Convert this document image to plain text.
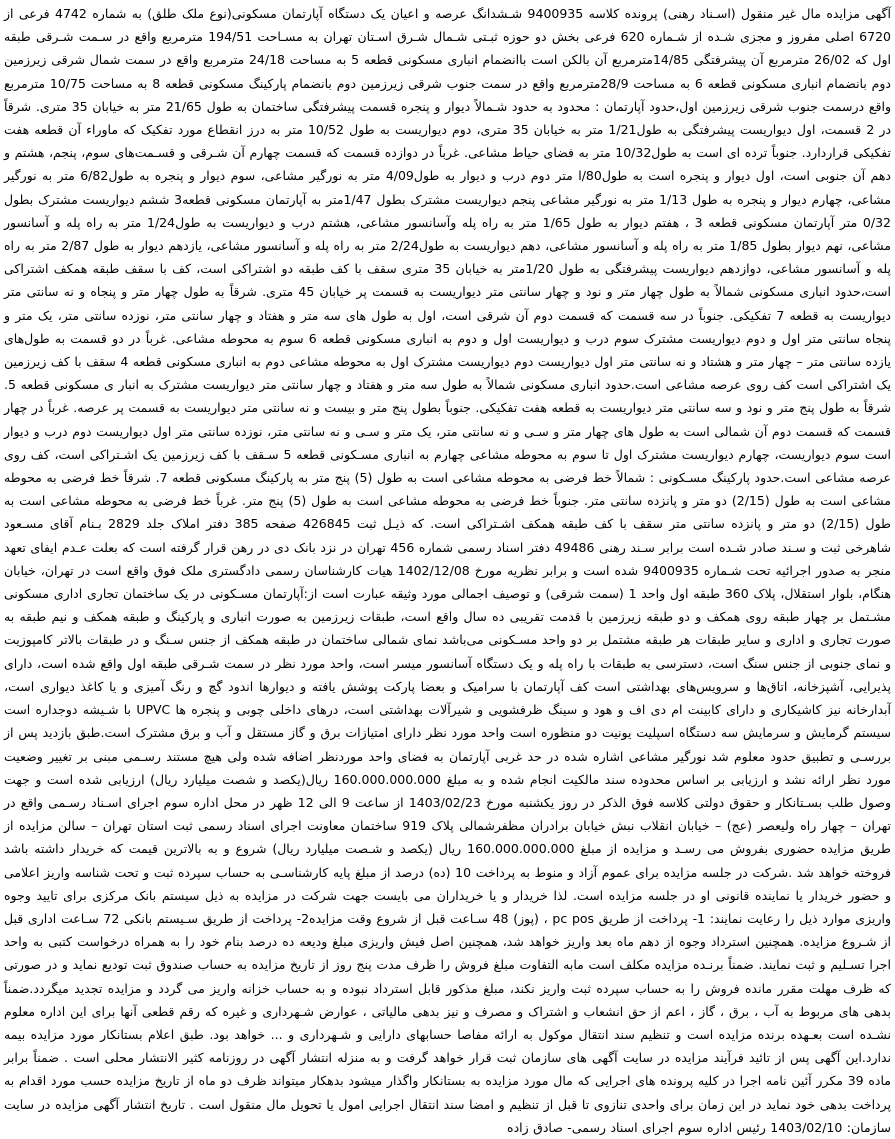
آگهی مزایده مال غیر منقول (اسـناد رهنی) پرونده کلاسه 9400935 شـشدانگ عرصه و اعیان یک دستگاه آپارتمان مسکونی(نوع ملک طلق) به شماره 4742 فرعی از 6720 اصلی مفروز و مجزی شـده از شـماره 620 فرعی بخش دو حوزه ثبـتی شـمال شـرق اسـتان تهران به مسـاحت 194/51 مترمربع واقع در سـمت شـرقی طبقه اول که 26/02 مترمربع آن پیشرفتگی 14/85مترمربع آن بالکن است باانضمام انباری مسکونی قطعه 5 به مساحت 24/18 مترمربع واقع در سمت شمال شرقی زیرزمین دوم بانضمام انباری مسکونی قطعه 6 به مساحت 28/9مترمربع واقع در سمت جنوب شرقی زیرزمین دوم بانضمام پارکینگ مسکونی قطعه 8 به مساحت 10/75 مترمربع واقع درسمت جنوب شرقی زیرزمین اول،حدود آپارتمان : محدود به حدود شـمالاً دیوار و پنجره قسمت پیشرفتگی ساختمان به طول 21/65 متر به خیابان 35 متری. شرقاً در 2 قسمت، اول دیواریست پیشرفتگی به طول1/21 متر به خیابان 35 متری، دوم دیواریست به طول 10/52 متر به درز انقطاع مورد تفکیک که ماوراء آن قطعه هفت تفکیکی قراردارد. جنوباً ترده ای است به طول10/32 متر به فضای حیاط مشاعی. غرباً در دوازده قسمت که قسمت چهارم آن شـرقی و قسـمت‌های سوم، پنجم، هشتم و دهم آن جنوبی است، اول دیوار و پنجره است به طول80/ا متر دوم درب و دیوار به طول4/09 متر به نورگیر مشاعی، سوم دیوار و پنجره به طول6/82 متر به نورگیر مشاعی، چهارم دیوار و پنجره به طول 1/13 متر به نورگیر مشاعی پنجم دیواریست مشترک بطول 1/47متر به آپارتمان مسکونی قطعه3 ششم دیواریست مشترک بطول 0/32 متر آپارتمان مسکونی قطعه 3 ، هفتم دیوار به طول 1/65 متر به راه پله وآسانسور مشاعی، هشتم درب و دیواریست به طول1/24 متر به راه پله و آسانسور مشاعی، نهم دیوار بطول 1/85 متر به راه پله و آسانسور مشاعی، دهم دیواریست به طول2/24 متر به راه پله و آسانسور مشاعی، یازدهم دیوار به طول 2/87 متر به راه پله و آسانسور مشاعی، دوازدهم دیواریست پیشرفتگی به طول 1/20متر به خیابان 35 متری سقف با کف طبقه دو اشتراکی است، کف با سقف طبقه همکف اشتراکی است،حدود انباری مسکونی شمالاً به طول چهار متر و نود و چهار سانتی متر دیواریست به قسمت پر خیابان 45 متری. شرقاً به طول چهار متر و پنجاه و نه سانتی متر دیواریست به قطعه 7 تفکیکی. جنوباً در سه قسمت که قسمت دوم آن شرقی است، اول به طول های سه متر و هفتاد و چهار سانتی متر، نوزده سانتی متر، یک متر و پنجاه سانتی متر اول و دوم دیواریست مشترک سوم درب و دیواریست اول و دوم به انباری مسکونی قطعه 6 سوم به محوطه مشاعی. غرباً در دو قسمت به طول‌های یازده سانتی متر – چهار متر و هشتاد و نه سانتی متر اول دیواریست دوم دیواریست مشترک اول به محوطه مشاعی دوم به انباری مسکونی قطعه 4 سقف با کف زیرزمین یک اشتراکی است کف روی عرصه مشاعی است.حدود انباری مسکونی شمالاً به طول سه متر و هفتاد و چهار سانتی متر دیواریست مشترک به انبار ی مسکونی قطعه 5. شرقاً به طول پنج متر و نود و سه سانتی متر دیواریست به قطعه هفت تفکیکی. جنوباً بطول پنج متر و بیست و نه سانتی متر دیواریست به قسمت پر عرصه. غرباً در چهار قسمت که قسمت دوم آن شمالی است به طول های چهار متر و سـی و نه سانتی متر، یک متر و سـی و نه سانتی متر، نوزده سانتی متر اول دیواریست دوم درب و دیوار است سوم دیواریست، چهارم دیواریست مشترک اول تا سوم به محوطه مشاعی چهارم به انباری مسـکونی قطعه 5 سـقف با کف زیرزمین یک اشـتراکی است، کف روی عرصه مشاعی است.حدود پارکینگ مسـکونی : شمالاً خط فرضی به محوطه مشاعی است به طول (5) پنج متر به پارکینگ مسکونی قطعه 7. شرقاً خط فرضی به محوطه مشاعی است به طول (2/15) دو متر و پانزده سانتی متر. جنوباً خط فرضی به محوطه مشاعی است به طول (5) پنج متر. غرباً خط فرضی به محوطه مشاعی است به طول (2/15) دو متر و پانزده سانتی متر سقف با کف طبقه همکف اشـتراکی است. که ذیـل ثبت 426845 صفحه 385 دفتر املاک جلد 2829 بـنام آقای مسـعود شاهرخی ثبت و سـند صادر شـده است برابر سـند رهنی 49486 دفتر اسناد رسمی شماره 456 تهران در نزد بانک دی در رهن قرار گرفته است که بعلت عـدم ایفای تعهد منجر به صدور اجرائیه تحت شـماره 9400935 شده است و برابر نظریه مورخ 1402/12/08 هیات کارشناسان رسمی دادگستری ملک فوق واقع است در تهران، خیابان هنگام، بلوار استقلال، پلاک 360 طبقه اول واحد 1 (سمت شرقی) و توصیف اجمالی مورد وثیقه عبارت است از:آپارتمان مسـکونی در یک ساختمان تجاری اداری مسکونی مشـتمل بر چهار طبقه روی همکف و دو طبقه زیرزمین با قدمت تقریبی ده سال واقع است، طبقات زیرزمین به صورت انباری و پارکینگ و طبقه همکف و نیم طبقه به صورت تجاری و اداری و سایر طبقات هر طبقه مشتمل بر دو واحد مسـکونی می‌باشد نمای شمالی ساختمان در طبقه همکف از جنس سـنگ و در طبقات بالاتر کامپوزیت و نمای جنوبی از جنس سنگ است، دسترسی به طبقات با راه پله و یک دستگاه آسانسور میسر است، واحد مورد نظر در سمت شـرقی طبقه اول واقع شده است، دارای پذیرایی، آشپزخانه، اتاق‌ها و سرویس‌های بهداشتی است کف آپارتمان با سرامیک و بعضا پارکت پوشش یافته و دیوارها اندود گچ و رنگ آمیزی و یا کاغذ دیواری است، آبدارخانه نیز کاشیکاری و دارای کابینت ام دی اف و هود و سینگ ظرفشویی و شیرآلات بهداشتی است، درهای داخلی چوبی و پنجره ها UPVC با شـیشه دوجداره است سیستم گرمایش و سرمایش سه دستگاه اسپلیت یونیت دو منظوره است واحد مورد نظر دارای امتیازات برق و گاز مستقل و آب و برق مشترک است.طبق بازدید پس از بررسـی و تطبیق حدود معلوم شد نورگیر مشاعی اشاره شده در حد غربی آپارتمان به فضای واحد موردنظر اضافه شده ولی هیچ مستند رسـمی مبنی بر تغییر وضعیت مورد نظر ارائه نشد و ارزیابی بر اساس محدوده سند مالکیت انجام شده و به مبلغ 160.000.000.000 ریال(یکصد و شصت میلیارد ریال) ارزیابی شده است و جهت وصول طلب بسـتانکار و حقوق دولتی کلاسه فوق الذکر در روز یکشنبه مورخ 1403/02/23 از ساعت 9 الی 12 ظهر در محل اداره سوم اجرای اسـناد رسـمی واقع در تهران – چهار راه ولیعصر (عج) – خیابان انقلاب نبش خیابان برادران مظفرشمالی پلاک 919 ساختمان معاونت اجرای اسناد رسمی ثبت استان تهران – سالن مزایده از طریق مزایده حضوری بفروش می رسـد و مزایده از مبلغ 160.000.000.000 ریال (یکصد و شـصت میلیارد ریال) شروع و به بالاترین قیمت که خریدار داشته باشد فروخته خواهد شد .شرکت در جلسه مزایده برای عموم آزاد و منوط به پرداخت 10 (ده) درصد از مبلغ پایه کارشناسـی به حساب سپرده ثبت و تحت شناسه واریز اعلامی و حضور خریدار یا نماینده قانونی او در جلسه مزایده است. لذا خریدار و یا خریداران می بایست جهت شرکت در مزایده به ذیل سیستم بانک مرکزی برای تایید وجوه واریزی موارد ذیل را رعایت نمایند: 1- پرداخت از طریق pc pos ، (پوز) 48 سـاعت قبل از شروع وقت مزایده2- پرداخت از طریق سـیستم بانکی 72 سـاعت اداری قبل از شـروع مزایده. همچنین استرداد وجوه از دهم ماه بعد واریز خواهد شد، همچنین اصل فیش واریزی مبلغ ودیعه ده درصد بنام خود را به همراه درخواست کتبی به واحد اجرا تسـلیم و ثبت نمایند. ضمناً برنـده مزایده مکلف است مابه التفاوت مبلغ فروش را ظرف مدت پنج روز از تاریخ مزایده به حساب صندوق ثبت تودیع نماید و در صورتی که ظرف مهلت مقرر مانده فروش را به حساب سپرده ثبت واریز نکند، مبلغ مذکور قابل استرداد نبوده و به حساب خزانه واریز می گردد و مزایده تجدید میگردد.ضمناً بدهی های مربوط به آب ، برق ، گاز ، اعم از حق انشعاب و اشتراک و مصرف و نیز بدهی مالیاتی ، عوارض شـهرداری و غیره که رقم قطعی آنها برای این اداره معلوم نشـده است بعـهده برنده مزایده است و تنظیم سند انتقال موکول به ارائه مفاصا حسابهای دارایی و شـهرداری و ... خواهد بود. طبق اعلام بستانکار مورد مزایده بیمه ندارد.این آگهی پس از تائید فرآیند مزایده در سایت آگهی های سازمان ثبت قرار خواهد گرفت و به منزله انتشار آگهی در روزنامه کثیر الانتشار محلی است . ضمناً برابر ماده 39 مکرر آئین نامه اجرا در کلیه پرونده های اجرایی که مال مورد مزایده به بستانکار واگذار میشود بدهکار میتواند ظرف دو ماه از تاریخ مزایده حسب مورد اقدام به پرداخت بدهی خود نماید در این زمان برای واحدی تنازوی تا قبل از تنظیم و امضا سند انتقال اجرایی امول یا تحویل مال منقول است . تاریخ انتشار آگهی مزایده در سایت سازمان: 1403/02/10 رئیس اداره سوم اجرای اسناد رسمی- صادق زاده
